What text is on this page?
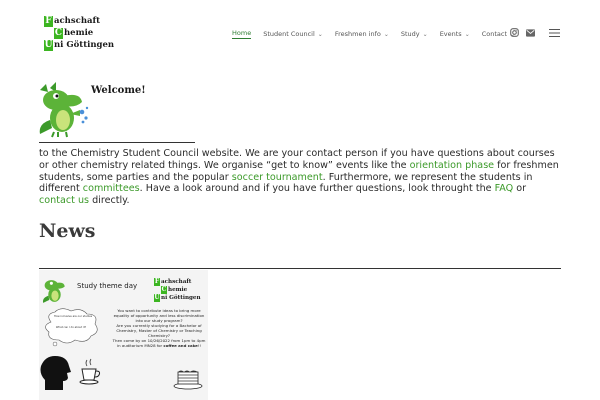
F achschaft
C hemie
U ni Göttingen
Home Student Council ⌄ Freshmen info ⌄ Study ⌄ Events ⌄ Contact ⌄
Welcome!
to the Chemistry Student Council website. We are your contact person if you have questions about courses or other chemistry related things. We organise “get to know” events like the orientation phase for freshmen students, some parties and the popular soccer tournament. Furthermore, we represent the students in different committees. Have a look around and if you have further questions, look throught the FAQ or contact us directly.
News
Study theme day
F achschaft
C hemie
U ni Göttingen
How inclusive are our studies
What can I do about it?
You want to contribute ideas to bring more equality of opportunity and less discrimination into our study program?
Are you currently studying for a Bachelor of Chemistry, Master of Chemistry or Teaching Chemistry?
Then come by on 10/26/2022 from 1pm to 4pm in auditorium MN28 for coffee and cake!!
